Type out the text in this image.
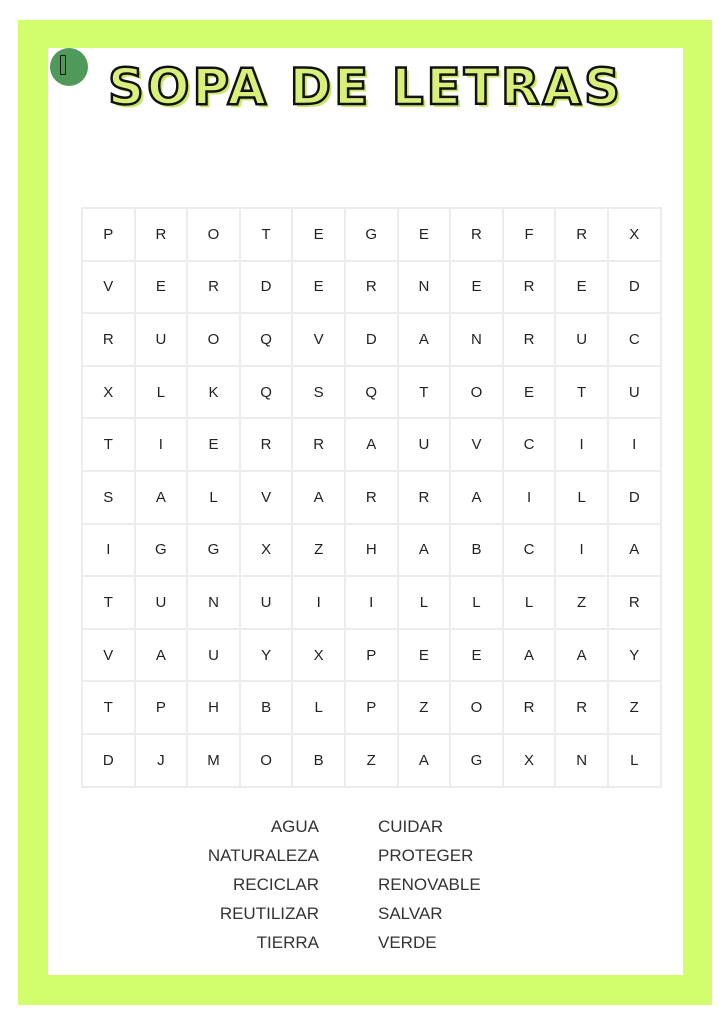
SOPA DE LETRAS
P	R	O	T	E	G	E	R	F	R	X
V	E	R	D	E	R	N	E	R	E	D
R	U	O	Q	V	D	A	N	R	U	C
X	L	K	Q	S	Q	T	O	E	T	U
T	I	E	R	R	A	U	V	C	I	I
S	A	L	V	A	R	R	A	I	L	D
I	G	G	X	Z	H	A	B	C	I	A
T	U	N	U	I	I	L	L	L	Z	R
V	A	U	Y	X	P	E	E	A	A	Y
T	P	H	B	L	P	Z	O	R	R	Z
D	J	M	O	B	Z	A	G	X	N	L
AGUA
NATURALEZA
RECICLAR
REUTILIZAR
TIERRA
CUIDAR
PROTEGER
RENOVABLE
SALVAR
VERDE
